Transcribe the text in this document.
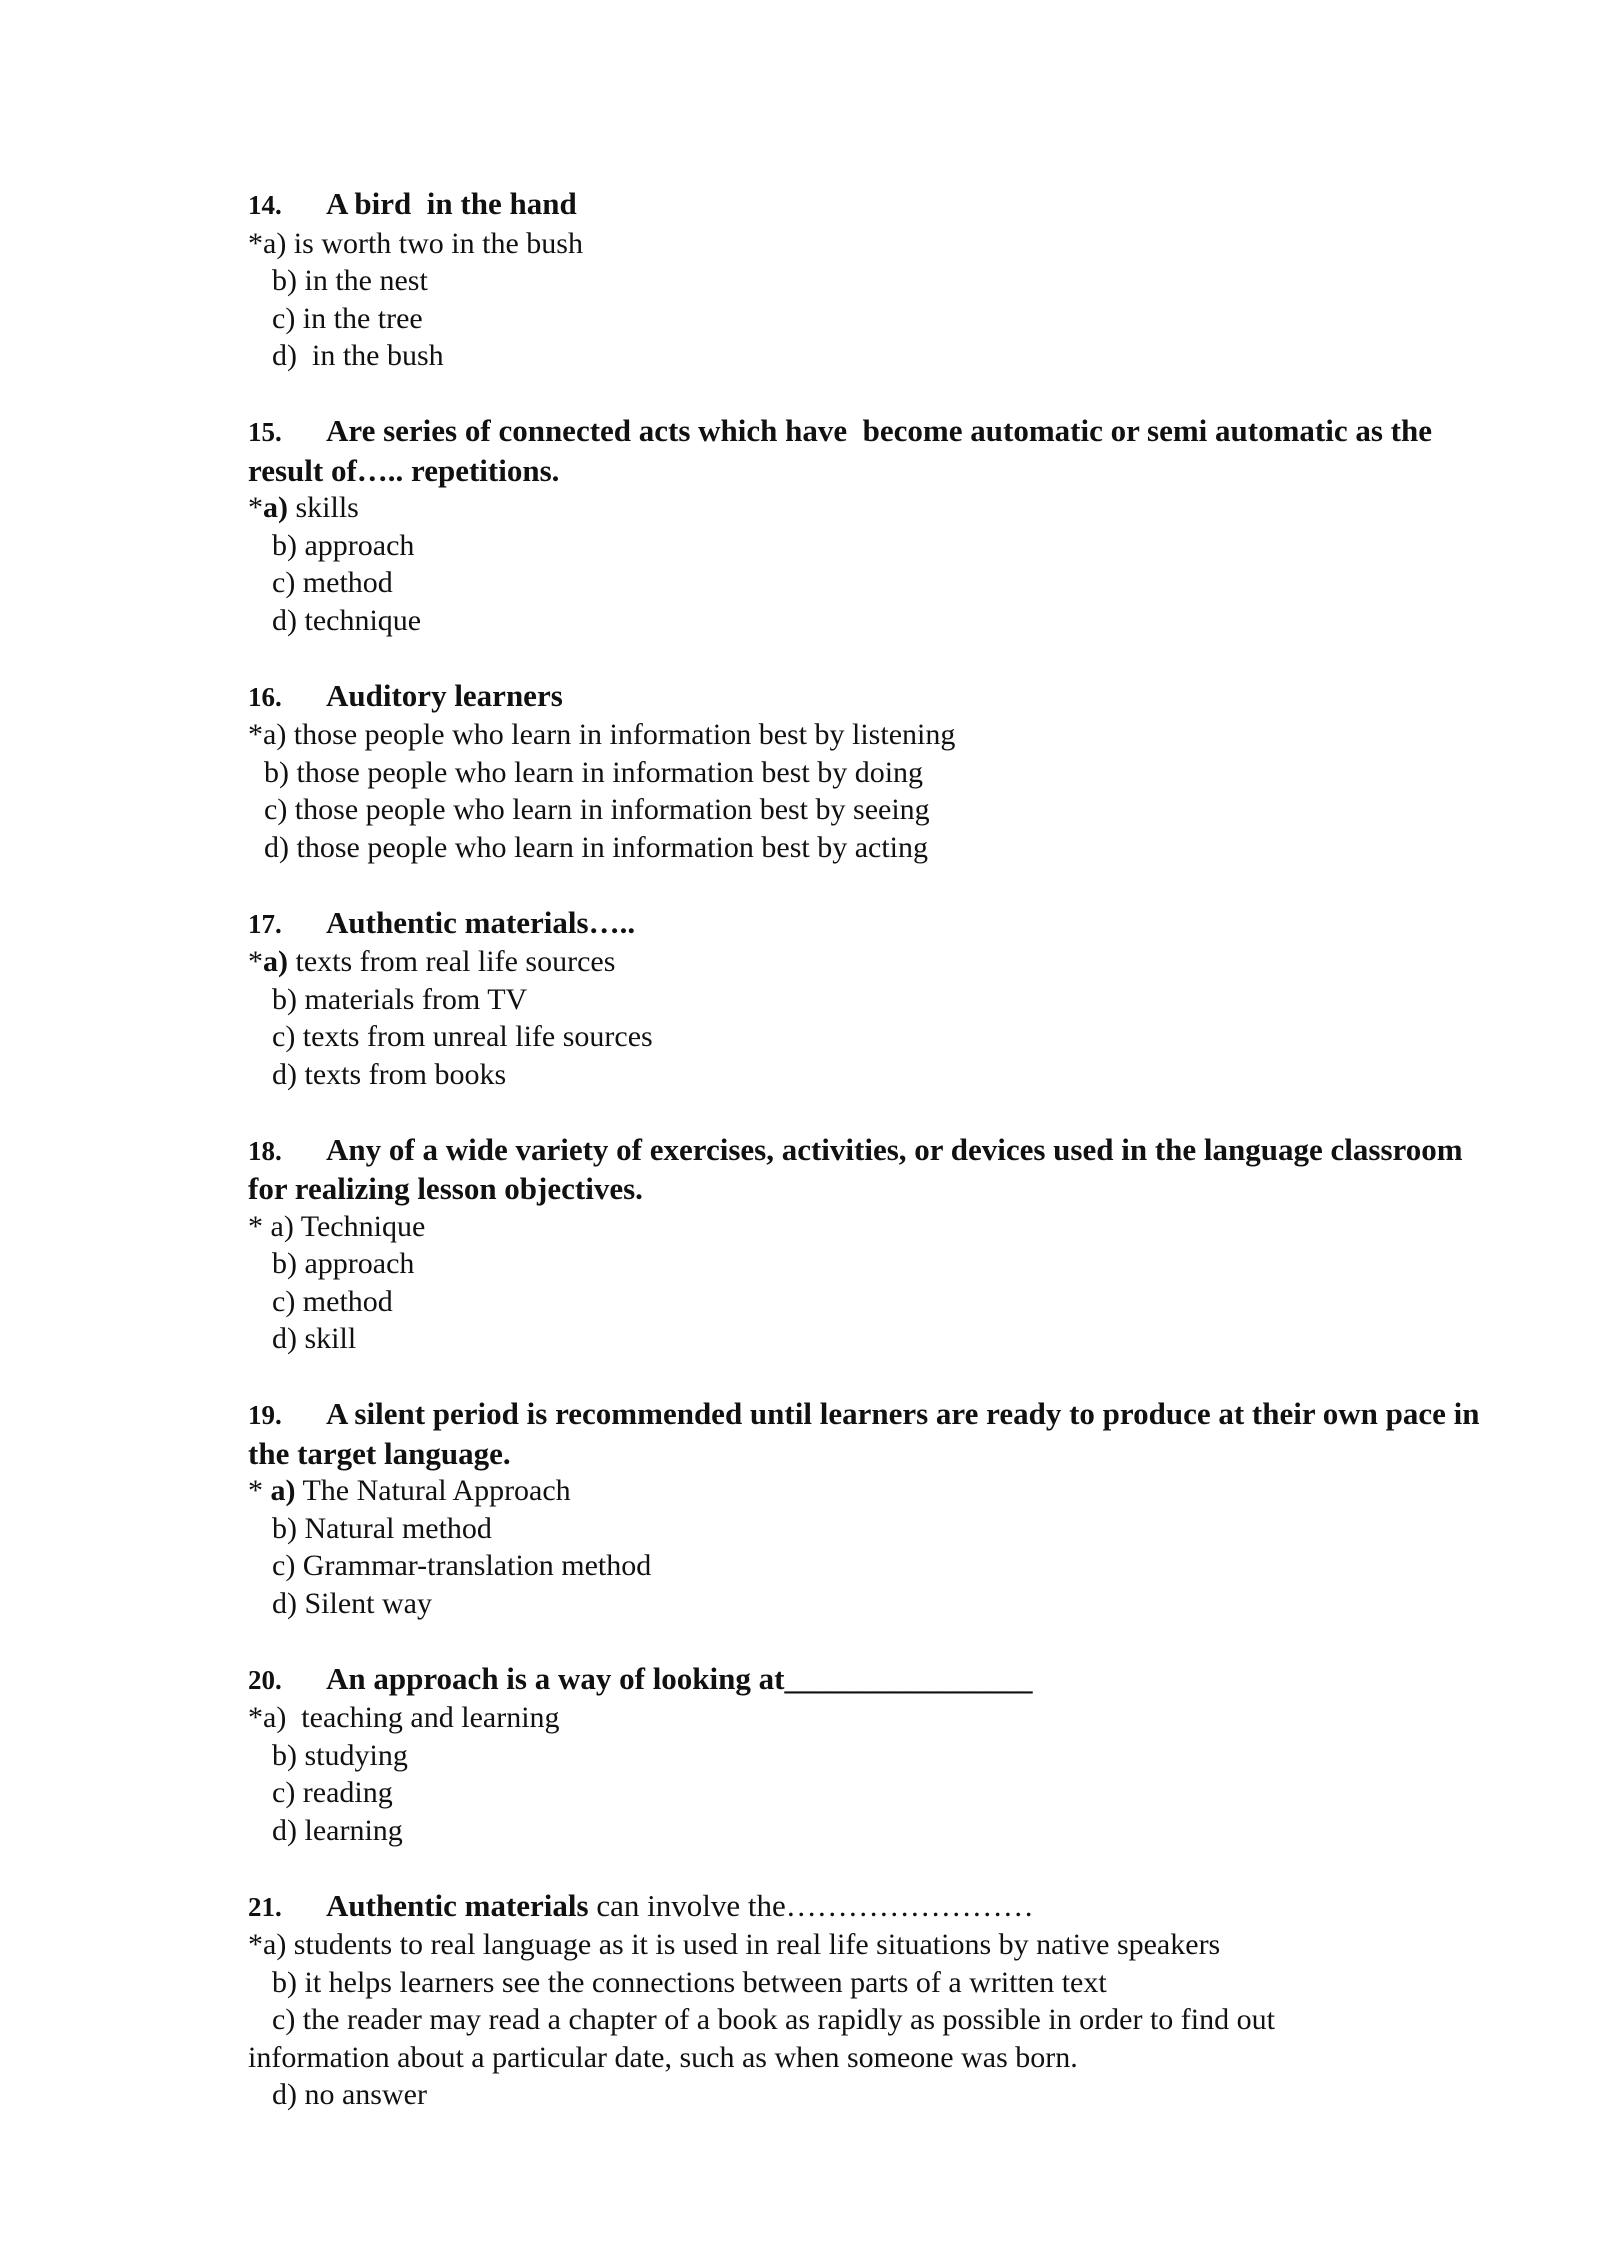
14. A bird  in the hand
*a) is worth two in the bush
b) in the nest
c) in the tree
d)  in the bush
15. Are series of connected acts which have  become automatic or semi automatic as the result of….. repetitions.
*a) skills
b) approach
c) method
d) technique
16. Auditory learners
*a) those people who learn in information best by listening
b) those people who learn in information best by doing
c) those people who learn in information best by seeing
d) those people who learn in information best by acting
17. Authentic materials…..
*a) texts from real life sources
b) materials from TV
c) texts from unreal life sources
d) texts from books
18. Any of a wide variety of exercises, activities, or devices used in the language classroom for realizing lesson objectives.
* a) Technique
b) approach
c) method
d) skill
19. A silent period is recommended until learners are ready to produce at their own pace in the target language.
* a) The Natural Approach
b) Natural method
c) Grammar-translation method
d) Silent way
20. An approach is a way of looking at________________
*a)  teaching and learning
b) studying
c) reading
d) learning
21. Authentic materials can involve the……………………
*a) students to real language as it is used in real life situations by native speakers
b) it helps learners see the connections between parts of a written text
c) the reader may read a chapter of a book as rapidly as possible in order to find out
information about a particular date, such as when someone was born.
d) no answer
